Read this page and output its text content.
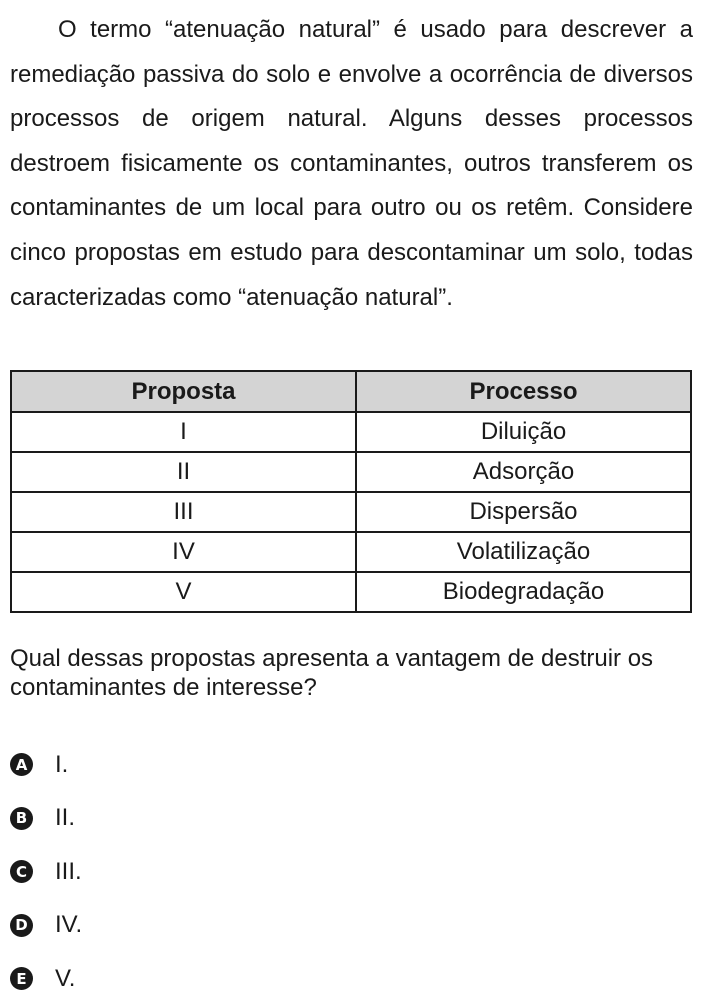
O termo “atenuação natural” é usado para descrever a remediação passiva do solo e envolve a ocorrência de diversos processos de origem natural. Alguns desses processos destroem fisicamente os contaminantes, outros transferem os contaminantes de um local para outro ou os retêm. Considere cinco propostas em estudo para descontaminar um solo, todas caracterizadas como “atenuação natural”.

Proposta	Processo
I	Diluição
II	Adsorção
III	Dispersão
IV	Volatilização
V	Biodegradação

Qual dessas propostas apresenta a vantagem de destruir os contaminantes de interesse?

A I.
B II.
C III.
D IV.
E V.
